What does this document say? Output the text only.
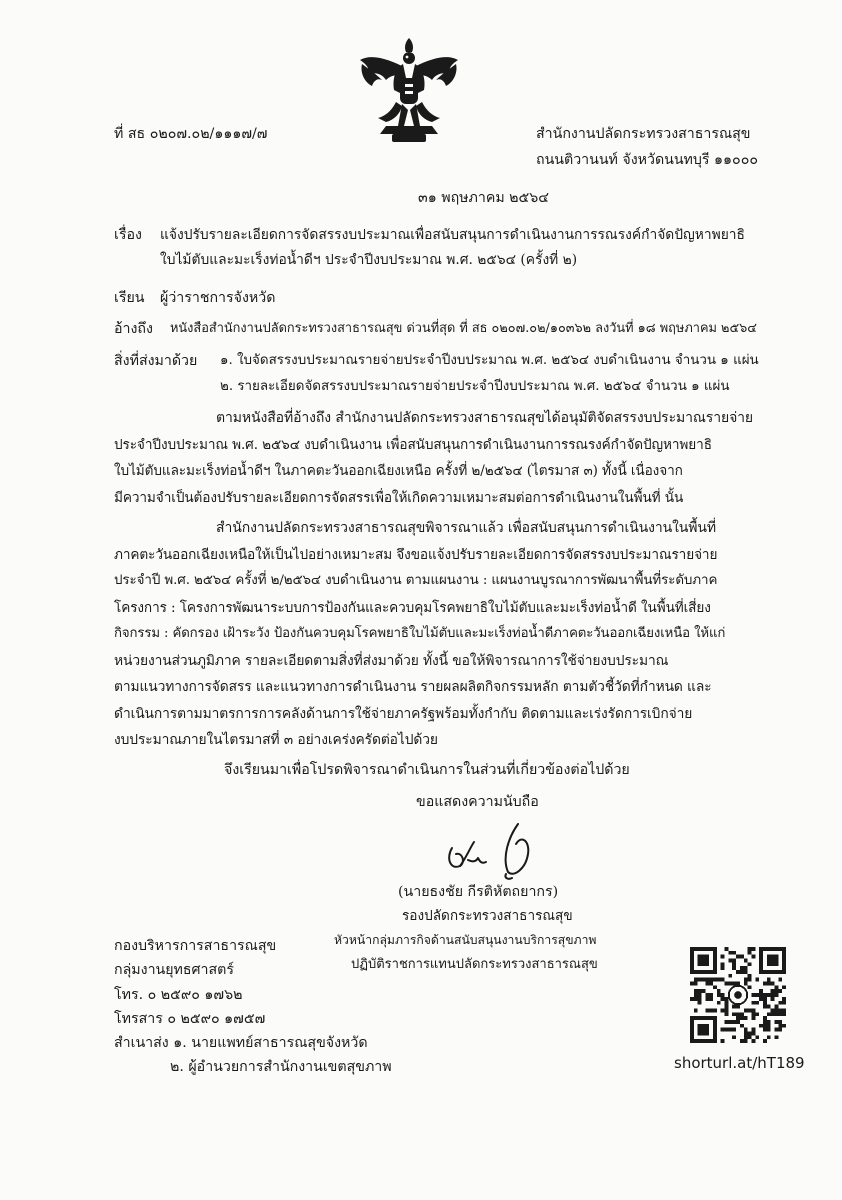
ที่ สธ ๐๒๐๗.๐๒/๑๑๑๗/๗	สำนักงานปลัดกระทรวงสาธารณสุข
ถนนติวานนท์ จังหวัดนนทบุรี ๑๑๐๐๐
๓๑ พฤษภาคม ๒๕๖๔
เรื่อง แจ้งปรับรายละเอียดการจัดสรรงบประมาณเพื่อสนับสนุนการดำเนินงานการรณรงค์กำจัดปัญหาพยาธิ
ใบไม้ตับและมะเร็งท่อน้ำดีฯ ประจำปีงบประมาณ พ.ศ. ๒๕๖๔ (ครั้งที่ ๒)
เรียน ผู้ว่าราชการจังหวัด
อ้างถึง หนังสือสำนักงานปลัดกระทรวงสาธารณสุข ด่วนที่สุด ที่ สธ ๐๒๐๗.๐๒/๑๐๓๖๒ ลงวันที่ ๑๘ พฤษภาคม ๒๕๖๔
สิ่งที่ส่งมาด้วย ๑. ใบจัดสรรงบประมาณรายจ่ายประจำปีงบประมาณ พ.ศ. ๒๕๖๔ งบดำเนินงาน จำนวน ๑ แผ่น
๒. รายละเอียดจัดสรรงบประมาณรายจ่ายประจำปีงบประมาณ พ.ศ. ๒๕๖๔ จำนวน ๑ แผ่น
ตามหนังสือที่อ้างถึง สำนักงานปลัดกระทรวงสาธารณสุขได้อนุมัติจัดสรรงบประมาณรายจ่าย
ประจำปีงบประมาณ พ.ศ. ๒๕๖๔ งบดำเนินงาน เพื่อสนับสนุนการดำเนินงานการรณรงค์กำจัดปัญหาพยาธิ
ใบไม้ตับและมะเร็งท่อน้ำดีฯ ในภาคตะวันออกเฉียงเหนือ ครั้งที่ ๒/๒๕๖๔ (ไตรมาส ๓) ทั้งนี้ เนื่องจาก
มีความจำเป็นต้องปรับรายละเอียดการจัดสรรเพื่อให้เกิดความเหมาะสมต่อการดำเนินงานในพื้นที่ นั้น
สำนักงานปลัดกระทรวงสาธารณสุขพิจารณาแล้ว เพื่อสนับสนุนการดำเนินงานในพื้นที่
ภาคตะวันออกเฉียงเหนือให้เป็นไปอย่างเหมาะสม จึงขอแจ้งปรับรายละเอียดการจัดสรรงบประมาณรายจ่าย
ประจำปี พ.ศ. ๒๕๖๔ ครั้งที่ ๒/๒๕๖๔ งบดำเนินงาน ตามแผนงาน : แผนงานบูรณาการพัฒนาพื้นที่ระดับภาค
โครงการ : โครงการพัฒนาระบบการป้องกันและควบคุมโรคพยาธิใบไม้ตับและมะเร็งท่อน้ำดี ในพื้นที่เสี่ยง
กิจกรรม : คัดกรอง เฝ้าระวัง ป้องกันควบคุมโรคพยาธิใบไม้ตับและมะเร็งท่อน้ำดีภาคตะวันออกเฉียงเหนือ ให้แก่
หน่วยงานส่วนภูมิภาค รายละเอียดตามสิ่งที่ส่งมาด้วย ทั้งนี้ ขอให้พิจารณาการใช้จ่ายงบประมาณ
ตามแนวทางการจัดสรร และแนวทางการดำเนินงาน รายผลผลิตกิจกรรมหลัก ตามตัวชี้วัดที่กำหนด และ
ดำเนินการตามมาตรการการคลังด้านการใช้จ่ายภาครัฐพร้อมทั้งกำกับ ติดตามและเร่งรัดการเบิกจ่าย
งบประมาณภายในไตรมาสที่ ๓ อย่างเคร่งครัดต่อไปด้วย
จึงเรียนมาเพื่อโปรดพิจารณาดำเนินการในส่วนที่เกี่ยวข้องต่อไปด้วย
ขอแสดงความนับถือ
(นายธงชัย กีรติหัตถยากร)
รองปลัดกระทรวงสาธารณสุข
หัวหน้ากลุ่มภารกิจด้านสนับสนุนงานบริการสุขภาพ
ปฏิบัติราชการแทนปลัดกระทรวงสาธารณสุข
กองบริหารการสาธารณสุข
กลุ่มงานยุทธศาสตร์
โทร. ๐ ๒๕๙๐ ๑๗๖๒
โทรสาร ๐ ๒๕๙๐ ๑๗๕๗
สำเนาส่ง ๑. นายแพทย์สาธารณสุขจังหวัด
๒. ผู้อำนวยการสำนักงานเขตสุขภาพ	shorturl.at/hT189
